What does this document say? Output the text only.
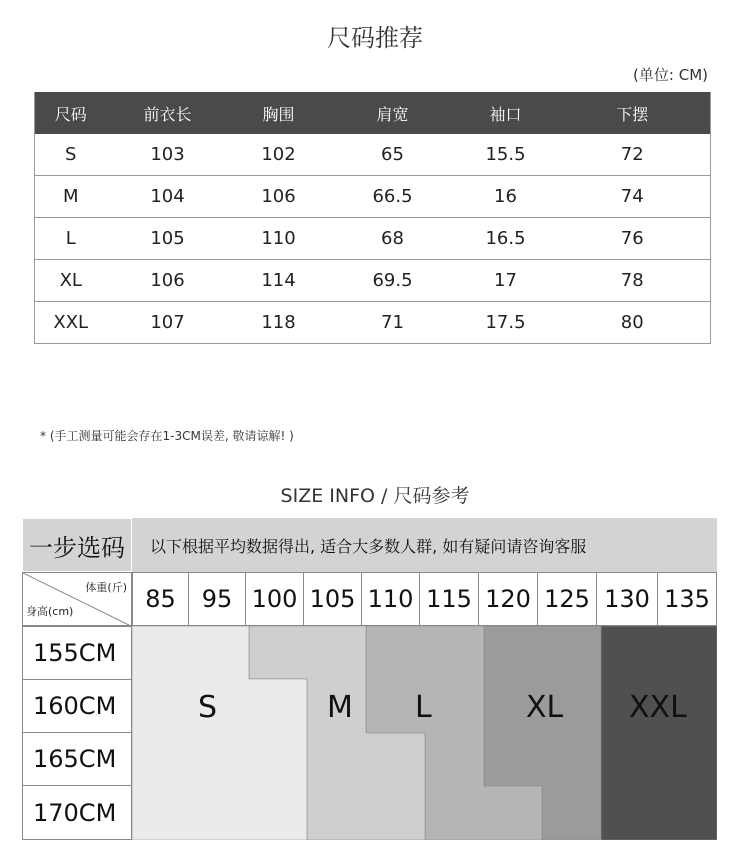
尺码推荐
(单位: CM)
尺码	前衣长	胸围	肩宽	袖口	下摆
S	103	102	65	15.5	72
M	104	106	66.5	16	74
L	105	110	68	16.5	76
XL	106	114	69.5	17	78
XXL	107	118	71	17.5	80
* (手工测量可能会存在1-3CM误差, 敬请谅解! )
SIZE INFO / 尺码参考
一步选码	以下根据平均数据得出, 适合大多数人群, 如有疑问请咨询客服
体重(斤)
身高(cm)	85	95 100 105 110 115 120 125 130 135
155CM
160CM
165CM
170CM
S	M L	XL XXL
